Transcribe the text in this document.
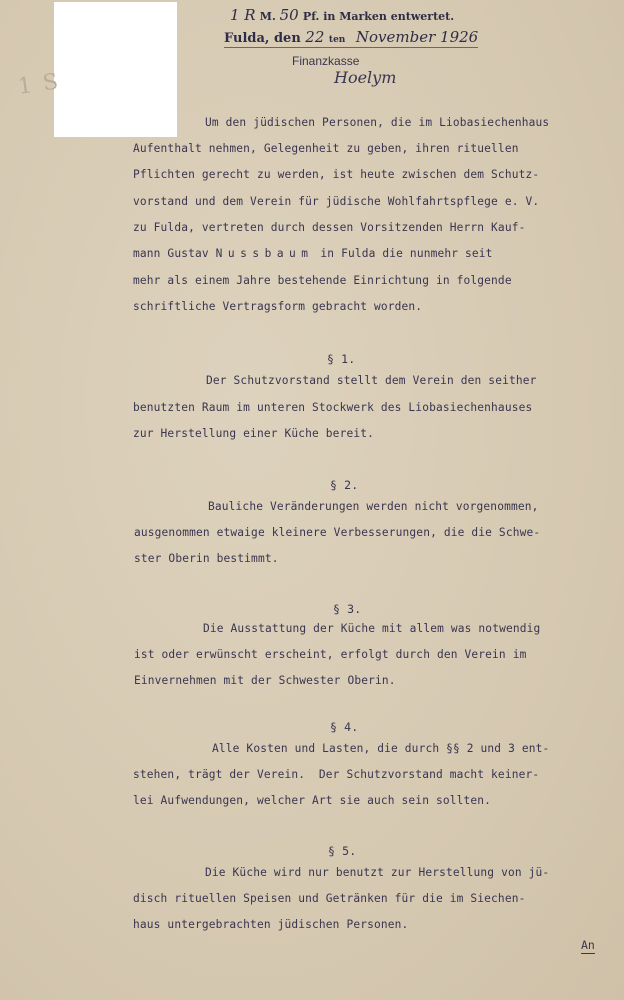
1 S
1 R M. 50 Pf. in Marken entwertet.
Fulda, den 22 ten November 1926
Finanzkasse
Hoelym
Um den jüdischen Personen, die im Liobasiechenhaus
Aufenthalt nehmen, Gelegenheit zu geben, ihren rituellen
Pflichten gerecht zu werden, ist heute zwischen dem Schutz-
vorstand und dem Verein für jüdische Wohlfahrtspflege e. V.
zu Fulda, vertreten durch dessen Vorsitzenden Herrn Kauf-
mann Gustav Nussbaum in Fulda die nunmehr seit
mehr als einem Jahre bestehende Einrichtung in folgende
schriftliche Vertragsform gebracht worden.
§ 1.
Der Schutzvorstand stellt dem Verein den seither
benutzten Raum im unteren Stockwerk des Liobasiechenhauses
zur Herstellung einer Küche bereit.
§ 2.
Bauliche Veränderungen werden nicht vorgenommen,
ausgenommen etwaige kleinere Verbesserungen, die die Schwe-
ster Oberin bestimmt.
§ 3.
Die Ausstattung der Küche mit allem was notwendig
ist oder erwünscht erscheint, erfolgt durch den Verein im
Einvernehmen mit der Schwester Oberin.
§ 4.
Alle Kosten und Lasten, die durch §§ 2 und 3 ent-
stehen, trägt der Verein.  Der Schutzvorstand macht keiner-
lei Aufwendungen, welcher Art sie auch sein sollten.
§ 5.
Die Küche wird nur benutzt zur Herstellung von jü-
disch rituellen Speisen und Getränken für die im Siechen-
haus untergebrachten jüdischen Personen.
An
